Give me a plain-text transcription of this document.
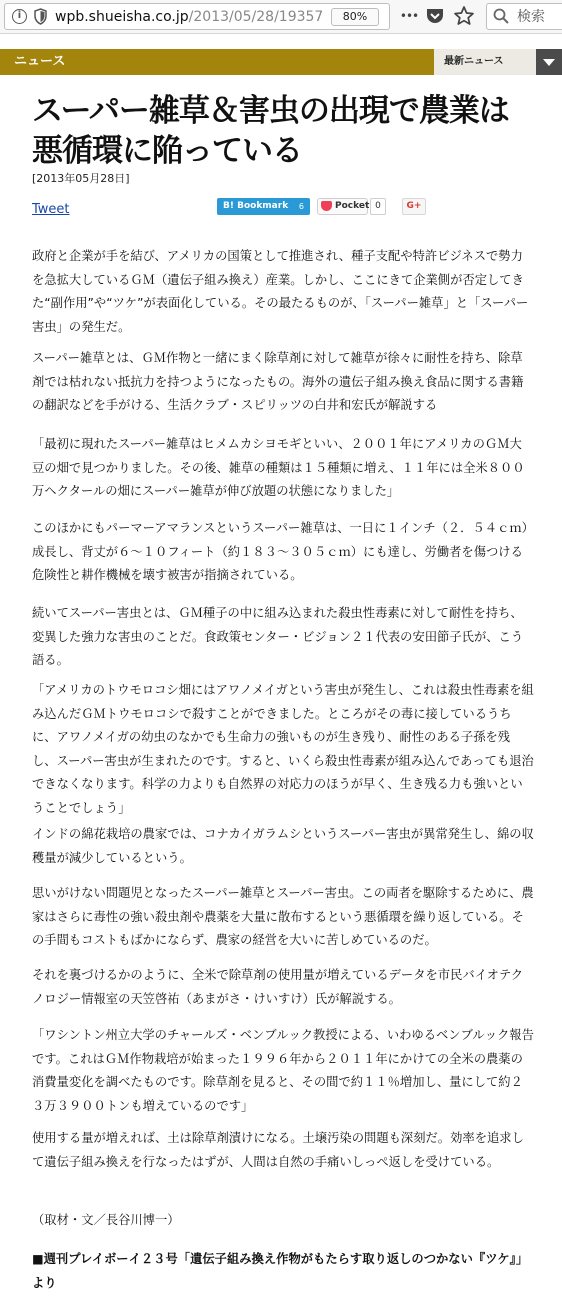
i	wpb.shueisha.co.jp/2013/05/28/19357	80%	•••	検索
ニュース	最新ニュース
スーパー雑草＆害虫の出現で農業は悪循環に陥っている
[2013年05月28日]
Tweet	B! Bookmark 6	Pocket 0	G+

政府と企業が手を結び、アメリカの国策として推進され、種子支配や特許ビジネスで勢力を急拡大しているＧＭ（遺伝子組み換え）産業。しかし、ここにきて企業側が否定してきた“副作用”や“ツケ”が表面化している。その最たるものが、「スーパー雑草」と「スーパー害虫」の発生だ。

スーパー雑草とは、ＧＭ作物と一緒にまく除草剤に対して雑草が徐々に耐性を持ち、除草剤では枯れない抵抗力を持つようになったもの。海外の遺伝子組み換え食品に関する書籍の翻訳などを手がける、生活クラブ・スピリッツの白井和宏氏が解説する

「最初に現れたスーパー雑草はヒメムカシヨモギといい、２００１年にアメリカのＧＭ大豆の畑で見つかりました。その後、雑草の種類は１５種類に増え、１１年には全米８００万ヘクタールの畑にスーパー雑草が伸び放題の状態になりました」

このほかにもパーマーアマランスというスーパー雑草は、一日に１インチ（２．５４ｃｍ）成長し、背丈が６～１０フィート（約１８３～３０５ｃｍ）にも達し、労働者を傷つける危険性と耕作機械を壊す被害が指摘されている。

続いてスーパー害虫とは、ＧＭ種子の中に組み込まれた殺虫性毒素に対して耐性を持ち、変異した強力な害虫のことだ。食政策センター・ビジョン２１代表の安田節子氏が、こう語る。

「アメリカのトウモロコシ畑にはアワノメイガという害虫が発生し、これは殺虫性毒素を組み込んだＧＭトウモロコシで殺すことができました。ところがその毒に接しているうちに、アワノメイガの幼虫のなかでも生命力の強いものが生き残り、耐性のある子孫を残し、スーパー害虫が生まれたのです。すると、いくら殺虫性毒素が組み込んであっても退治できなくなります。科学の力よりも自然界の対応力のほうが早く、生き残る力も強いということでしょう」

インドの綿花栽培の農家では、コナカイガラムシというスーパー害虫が異常発生し、綿の収穫量が減少しているという。

思いがけない問題児となったスーパー雑草とスーパー害虫。この両者を駆除するために、農家はさらに毒性の強い殺虫剤や農薬を大量に散布するという悪循環を繰り返している。その手間もコストもばかにならず、農家の経営を大いに苦しめているのだ。

それを裏づけるかのように、全米で除草剤の使用量が増えているデータを市民バイオテクノロジー情報室の天笠啓祐（あまがさ・けいすけ）氏が解説する。

「ワシントン州立大学のチャールズ・ベンブルック教授による、いわゆるベンブルック報告です。これはＧＭ作物栽培が始まった１９９６年から２０１１年にかけての全米の農薬の消費量変化を調べたものです。除草剤を見ると、その間で約１１％増加し、量にして約２３万３９００トンも増えているのです」

使用する量が増えれば、土は除草剤漬けになる。土壌汚染の問題も深刻だ。効率を追求して遺伝子組み換えを行なったはずが、人間は自然の手痛いしっぺ返しを受けている。

（取材・文／長谷川博一）
■週刊プレイボーイ２３号「遺伝子組み換え作物がもたらす取り返しのつかない『ツケ』」より
